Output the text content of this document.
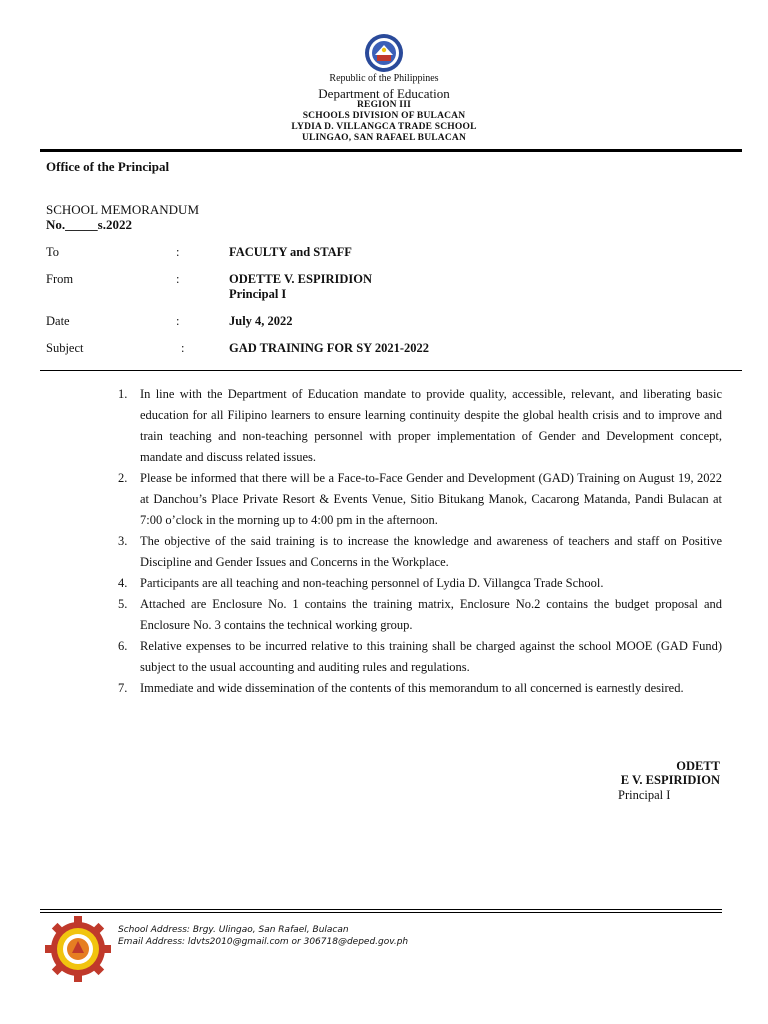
Republic of the Philippines
Department of Education
REGION III
SCHOOLS DIVISION OF BULACAN
LYDIA D. VILLANGCA TRADE SCHOOL
ULINGAO, SAN RAFAEL BULACAN
Office of the Principal
SCHOOL MEMORANDUM
No._____s.2022
To	:	FACULTY and STAFF
From	:	ODETTE V. ESPIRIDION
Principal I
Date	:	July 4, 2022
Subject	:	GAD TRAINING FOR SY 2021-2022
1. In line with the Department of Education mandate to provide quality, accessible, relevant, and liberating basic education for all Filipino learners to ensure learning continuity despite the global health crisis and to improve and train teaching and non-teaching personnel with proper implementation of Gender and Development concept, mandate and discuss related issues.
2. Please be informed that there will be a Face-to-Face Gender and Development (GAD) Training on August 19, 2022 at Danchou’s Place Private Resort & Events Venue, Sitio Bitukang Manok, Cacarong Matanda, Pandi Bulacan at 7:00 o’clock in the morning up to 4:00 pm in the afternoon.
3. The objective of the said training is to increase the knowledge and awareness of teachers and staff on Positive Discipline and Gender Issues and Concerns in the Workplace.
4. Participants are all teaching and non-teaching personnel of Lydia D. Villangca Trade School.
5. Attached are Enclosure No. 1 contains the training matrix, Enclosure No.2 contains the budget proposal and Enclosure No. 3 contains the technical working group.
6. Relative expenses to be incurred relative to this training shall be charged against the school MOOE (GAD Fund) subject to the usual accounting and auditing rules and regulations.
7. Immediate and wide dissemination of the contents of this memorandum to all concerned is earnestly desired.
ODETT
E V. ESPIRIDION
Principal I
School Address: Brgy. Ulingao, San Rafael, Bulacan
Email Address: ldvts2010@gmail.com or 306718@deped.gov.ph
